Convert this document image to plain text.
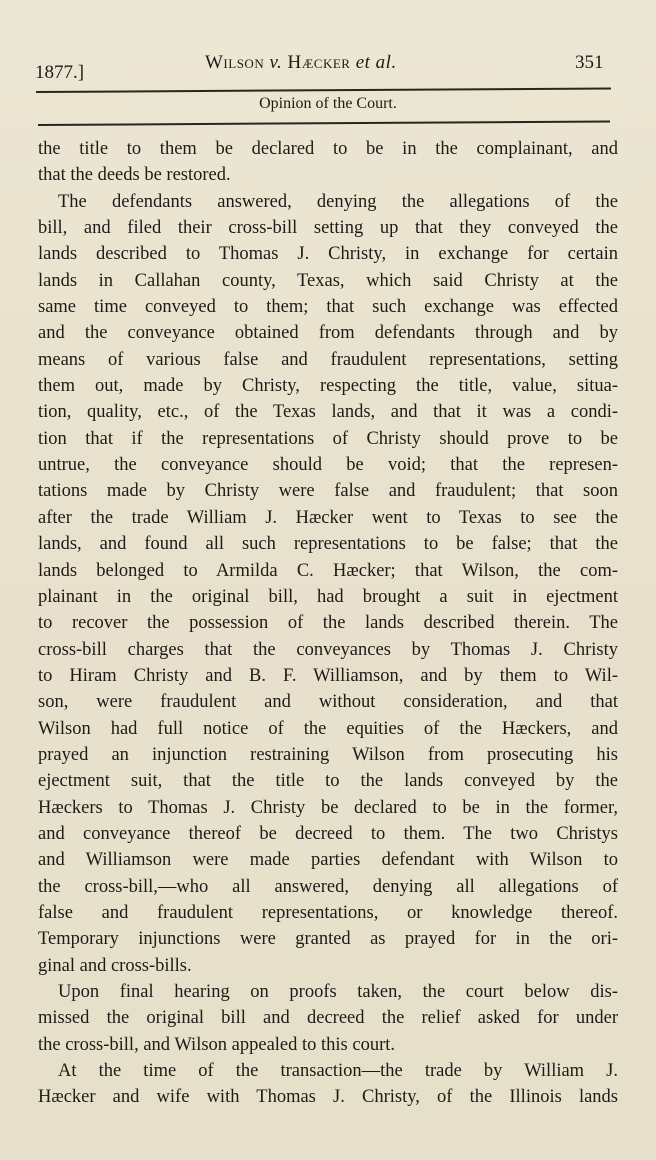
1877.]	Wilson v. Hæcker et al.	351
Opinion of the Court.
the title to them be declared to be in the complainant, and
that the deeds be restored.
The defendants answered, denying the allegations of the
bill, and filed their cross-bill setting up that they conveyed the
lands described to Thomas J. Christy, in exchange for certain
lands in Callahan county, Texas, which said Christy at the
same time conveyed to them; that such exchange was effected
and the conveyance obtained from defendants through and by
means of various false and fraudulent representations, setting
them out, made by Christy, respecting the title, value, situa-
tion, quality, etc., of the Texas lands, and that it was a condi-
tion that if the representations of Christy should prove to be
untrue, the conveyance should be void; that the represen-
tations made by Christy were false and fraudulent; that soon
after the trade William J. Hæcker went to Texas to see the
lands, and found all such representations to be false; that the
lands belonged to Armilda C. Hæcker; that Wilson, the com-
plainant in the original bill, had brought a suit in ejectment
to recover the possession of the lands described therein. The
cross-bill charges that the conveyances by Thomas J. Christy
to Hiram Christy and B. F. Williamson, and by them to Wil-
son, were fraudulent and without consideration, and that
Wilson had full notice of the equities of the Hæckers, and
prayed an injunction restraining Wilson from prosecuting his
ejectment suit, that the title to the lands conveyed by the
Hæckers to Thomas J. Christy be declared to be in the former,
and conveyance thereof be decreed to them. The two Christys
and Williamson were made parties defendant with Wilson to
the cross-bill,—who all answered, denying all allegations of
false and fraudulent representations, or knowledge thereof.
Temporary injunctions were granted as prayed for in the ori-
ginal and cross-bills.
Upon final hearing on proofs taken, the court below dis-
missed the original bill and decreed the relief asked for under
the cross-bill, and Wilson appealed to this court.
At the time of the transaction—the trade by William J.
Hæcker and wife with Thomas J. Christy, of the Illinois lands
